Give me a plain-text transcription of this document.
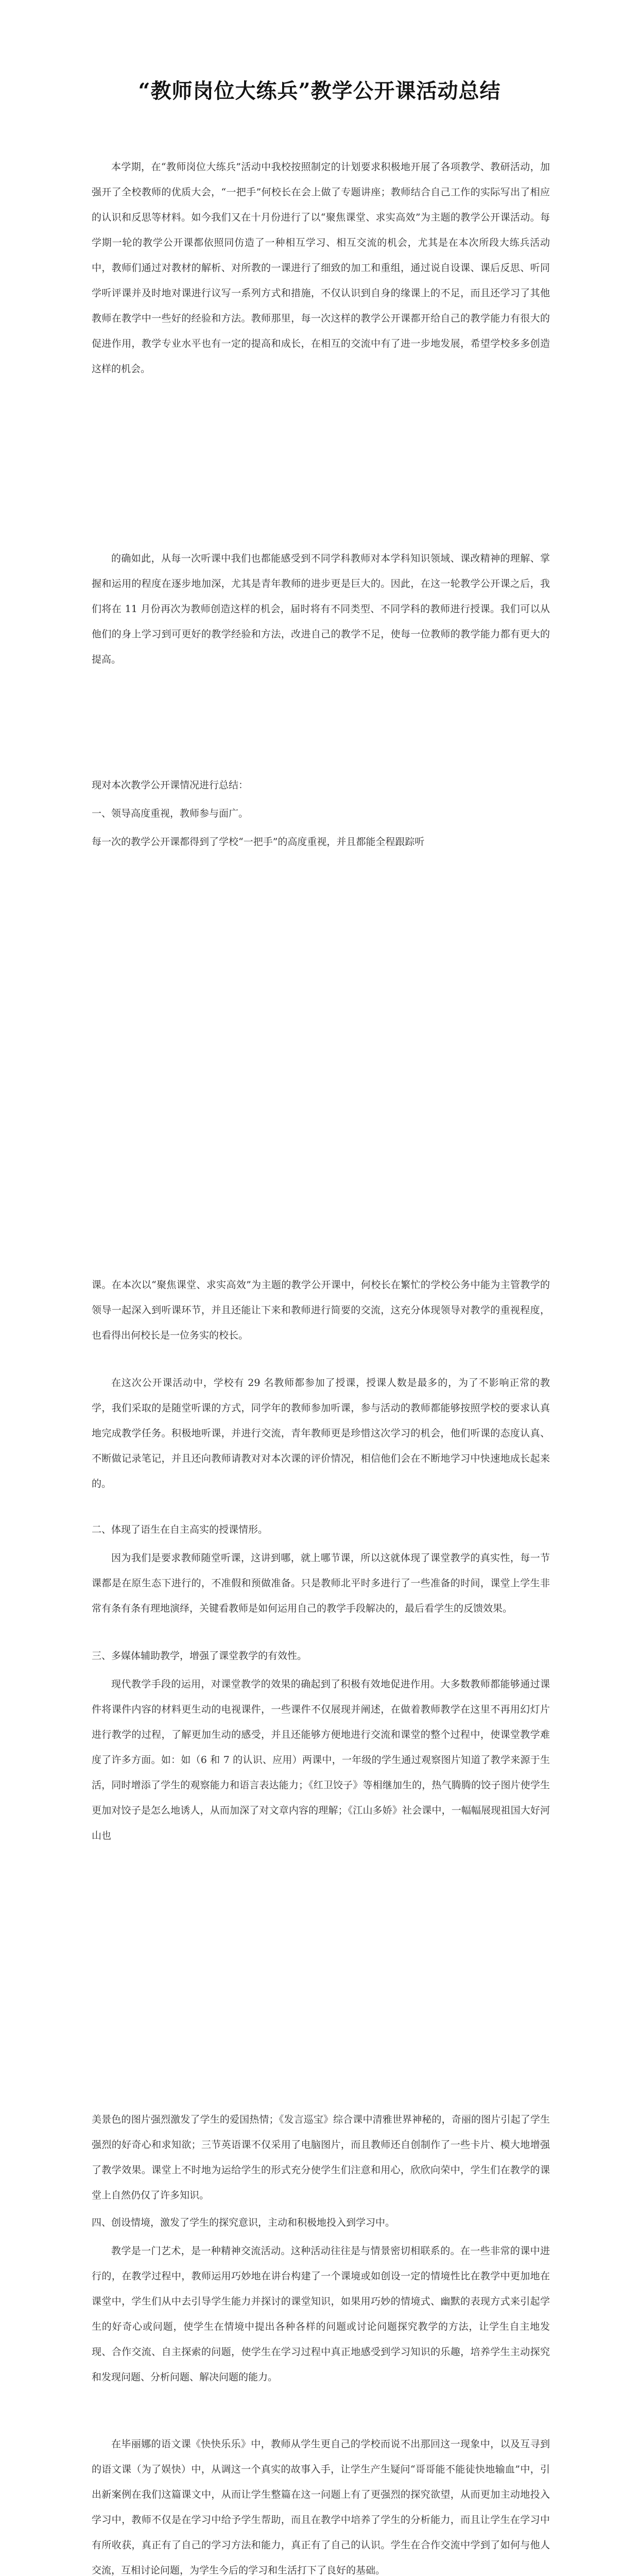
“教师岗位大练兵”教学公开课活动总结

本学期，在“教师岗位大练兵”活动中我校按照制定的计划要求积极地开展了各项教学、教研活动，加强开了全校教师的优质大会，“一把手”何校长在会上做了专题讲座；教师结合自己工作的实际写出了相应的认识和反思等材料。如今我们又在十月份进行了以“聚焦课堂、求实高效”为主题的教学公开课活动。每学期一轮的教学公开课都依照同仿造了一种相互学习、相互交流的机会，尤其是在本次所段大练兵活动中，教师们通过对教材的解析、对所教的一课进行了细致的加工和重组，通过说自设课、课后反思、听同学听评课并及时地对课进行议写一系列方式和措施，不仅认识到自身的缘课上的不足，而且还学习了其他教师在教学中一些好的经验和方法。教师那里，每一次这样的教学公开课都开给自己的教学能力有很大的促进作用，教学专业水平也有一定的提高和成长，在相互的交流中有了进一步地发展，希望学校多多创造这样的机会。

的确如此，从每一次听课中我们也都能感受到不同学科教师对本学科知识领域、课改精神的理解、掌握和运用的程度在逐步地加深，尤其是青年教师的进步更是巨大的。因此，在这一轮教学公开课之后，我们将在 11 月份再次为教师创造这样的机会，届时将有不同类型、不同学科的教师进行授课。我们可以从他们的身上学习到可更好的教学经验和方法，改进自己的教学不足，使每一位教师的教学能力都有更大的提高。

现对本次教学公开课情况进行总结：

一、领导高度重视，教师参与面广。

每一次的教学公开课都得到了学校“一把手”的高度重视，并且都能全程跟踪听

课。在本次以“聚焦课堂、求实高效”为主题的教学公开课中，何校长在繁忙的学校公务中能为主管教学的领导一起深入到听课环节，并且还能让下来和教师进行简要的交流，这充分体现领导对教学的重视程度，也看得出何校长是一位务实的校长。

在这次公开课活动中，学校有 29 名教师都参加了授课，授课人数是最多的，为了不影响正常的教学，我们采取的是随堂听课的方式，同学年的教师参加听课，参与活动的教师都能够按照学校的要求认真地完成教学任务。积极地听课，并进行交流，青年教师更是珍惜这次学习的机会，他们听课的态度认真、不断做记录笔记，并且还向教师请教对对本次课的评价情况，相信他们会在不断地学习中快速地成长起来的。

二、体现了语生在自主高实的授课情形。

因为我们是要求教师随堂听课，这讲到哪，就上哪节课，所以这就体现了课堂教学的真实性，每一节课都是在原生态下进行的，不准假和预做准备。只是教师北平时多进行了一些准备的时间，课堂上学生非常有条有条有理地演绎，关键看教师是如何运用自己的教学手段解决的，最后看学生的反馈效果。

三、多媒体辅助教学，增强了课堂教学的有效性。

现代教学手段的运用，对课堂教学的效果的确起到了积极有效地促进作用。大多数教师都能够通过课件将课件内容的材料更生动的电视课件，一些课件不仅展现并阐述，在做着教师教学在这里不再用幻灯片进行教学的过程，了解更加生动的感受，并且还能够方便地进行交流和课堂的整个过程中，使课堂教学难度了许多方面。如：如（6 和 7 的认识、应用）两课中，一年级的学生通过观察图片知道了教学来源于生活，同时增添了学生的观察能力和语言表达能力；《红卫饺子》等相继加生的，热气腾腾的饺子图片使学生更加对饺子是怎么地诱人，从而加深了对文章内容的理解；《江山多娇》社会课中，一幅幅展现祖国大好河山也

美景色的图片强烈激发了学生的爱国热情；《发言巡宝》综合课中清雅世界神秘的，奇丽的图片引起了学生强烈的好奇心和求知欲；三节英语课不仅采用了电脑图片，而且教师还自创制作了一些卡片、模大地增强了教学效果。课堂上不时地为运给学生的形式充分使学生们注意和用心，欣欣向荣中，学生们在教学的课堂上自然仍仅了许多知识。

四、创设情境，激发了学生的探究意识，主动和积极地投入到学习中。

教学是一门艺术，是一种精神交流活动。这种活动往往是与情景密切相联系的。在一些非常的课中进行的，在教学过程中，教师运用巧妙地在讲台构建了一个课境或如创设一定的情境性比在教学中更加地在课堂中，学生们从中去引导学生能力并探讨的课堂知识，如果用巧妙的情境式、幽默的表现方式来引起学生的好奇心或问题，使学生在情境中提出各种各样的问题或讨论问题探究教学的方法，让学生自主地发现、合作交流、自主探索的问题，使学生在学习过程中真正地感受到学习知识的乐趣，培养学生主动探究和发现问题、分析问题、解决问题的能力。

在毕丽娜的语文课《快快乐乐》中，教师从学生更自己的学校而说不出那回这一现象中，以及互寻到的语文课（为了娱快）中，从调这一个真实的故事入手，让学生产生疑问“哥哥能不能徒快地输血”中，引出新案例在我们这篇课文中，从而让学生整篇在这一问题上有了更强烈的探究欲望，从而更加主动地投入学习中，教师不仅是在学习中给予学生帮助，而且在教学中培养了学生的分析能力，而且让学生在学习中有所收获，真正有了自己的学习方法和能力，真正有了自己的认识。学生在合作交流中学到了如何与他人交流，互相讨论问题，为学生今后的学习和生活打下了良好的基础。
